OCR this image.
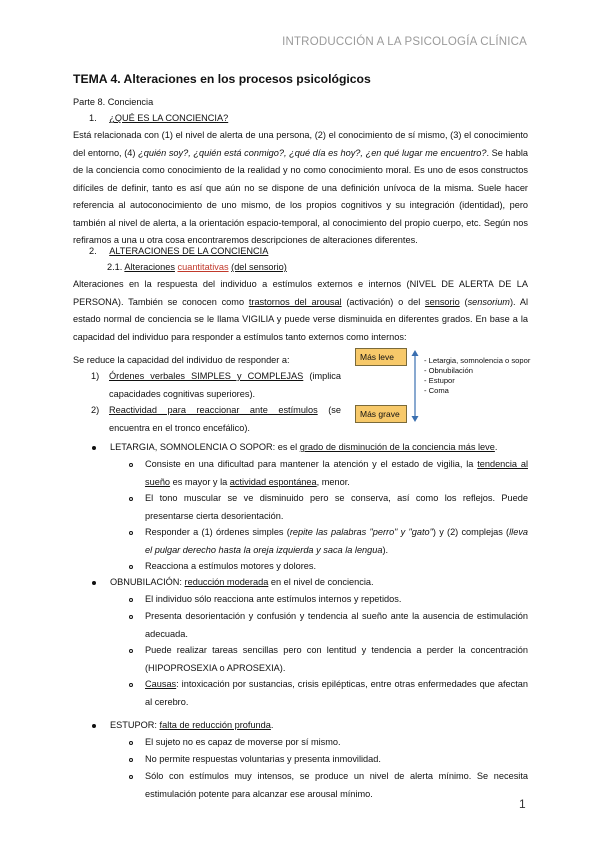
INTRODUCCIÓN A LA PSICOLOGÍA CLÍNICA
TEMA 4. Alteraciones en los procesos psicológicos
Parte 8. Conciencia
1. ¿QUÉ ES LA CONCIENCIA?
Está relacionada con (1) el nivel de alerta de una persona, (2) el conocimiento de sí mismo, (3) el conocimiento del entorno, (4) ¿quién soy?, ¿quién está conmigo?, ¿qué día es hoy?, ¿en qué lugar me encuentro?. Se habla de la conciencia como conocimiento de la realidad y no como conocimiento moral. Es uno de esos constructos difíciles de definir, tanto es así que aún no se dispone de una definición unívoca de la misma. Suele hacer referencia al autoconocimiento de uno mismo, de los propios cognitivos y su integración (identidad), pero también al nivel de alerta, a la orientación espacio-temporal, al conocimiento del propio cuerpo, etc. Según nos refiramos a una u otra cosa encontraremos descripciones de alteraciones diferentes.
2. ALTERACIONES DE LA CONCIENCIA
2.1. Alteraciones cuantitativas (del sensorio)
Alteraciones en la respuesta del individuo a estímulos externos e internos (NIVEL DE ALERTA DE LA PERSONA). También se conocen como trastornos del arousal (activación) o del sensorio (sensorium). Al estado normal de conciencia se le llama VIGILIA y puede verse disminuida en diferentes grados. En base a la capacidad del individuo para responder a estímulos tanto externos como internos:
Se reduce la capacidad del individuo de responder a:
1) Órdenes verbales SIMPLES y COMPLEJAS (implica capacidades cognitivas superiores).
2) Reactividad para reaccionar ante estímulos (se encuentra en el tronco encefálico).
Más leve
Más grave
- Letargia, somnolencia o sopor
- Obnubilación
- Estupor
- Coma
LETARGIA, SOMNOLENCIA O SOPOR: es el grado de disminución de la conciencia más leve.
Consiste en una dificultad para mantener la atención y el estado de vigilia, la tendencia al sueño es mayor y la actividad espontánea, menor.
El tono muscular se ve disminuido pero se conserva, así como los reflejos. Puede presentarse cierta desorientación.
Responder a (1) órdenes simples (repite las palabras "perro" y "gato") y (2) complejas (lleva el pulgar derecho hasta la oreja izquierda y saca la lengua).
Reacciona a estímulos motores y dolores.
OBNUBILACIÓN: reducción moderada en el nivel de conciencia.
El individuo sólo reacciona ante estímulos internos y repetidos.
Presenta desorientación y confusión y tendencia al sueño ante la ausencia de estimulación adecuada.
Puede realizar tareas sencillas pero con lentitud y tendencia a perder la concentración (HIPOPROSEXIA o APROSEXIA).
Causas: intoxicación por sustancias, crisis epilépticas, entre otras enfermedades que afectan al cerebro.
ESTUPOR: falta de reducción profunda.
El sujeto no es capaz de moverse por sí mismo.
No permite respuestas voluntarias y presenta inmovilidad.
Sólo con estímulos muy intensos, se produce un nivel de alerta mínimo. Se necesita estimulación potente para alcanzar ese arousal mínimo.
1
